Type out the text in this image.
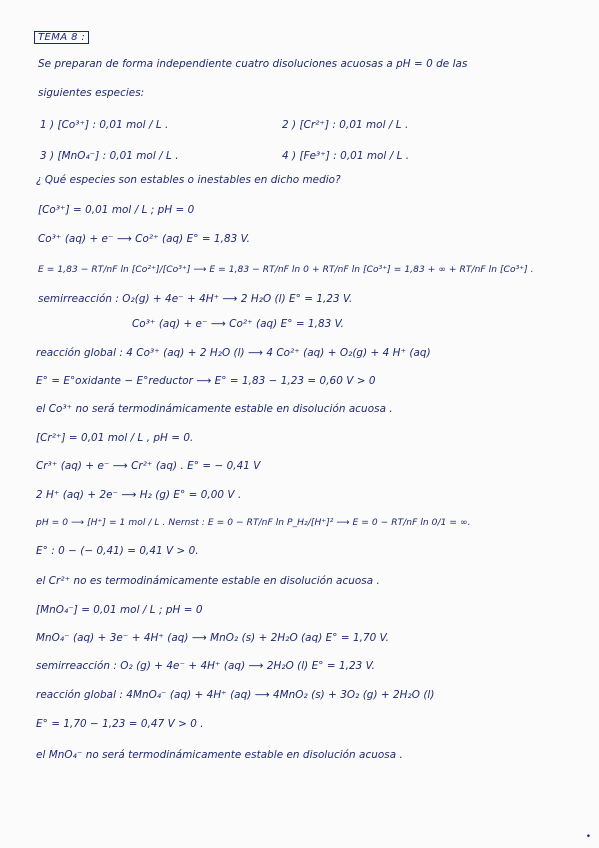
TEMA 8 :
Se preparan de forma independiente cuatro disoluciones acuosas a pH = 0 de las
siguientes especies:
1 ) [Co³⁺] : 0,01 mol / L .	2 ) [Cr²⁺] : 0,01 mol / L .
3 ) [MnO₄⁻] : 0,01 mol / L .	4 ) [Fe³⁺] : 0,01 mol / L .
¿ Qué especies son estables o inestables en dicho medio?
[Co³⁺] = 0,01 mol / L ; pH = 0
Co³⁺ (aq) + e⁻ ⟶ Co²⁺ (aq) E° = 1,83 V.
E = 1,83 − RT/nF ln [Co²⁺]/[Co³⁺] ⟶ E = 1,83 − RT/nF ln 0 + RT/nF ln [Co³⁺] = 1,83 + ∞ + RT/nF ln [Co³⁺] .
semirreacción : O₂(g) + 4e⁻ + 4H⁺ ⟶ 2 H₂O (l) E° = 1,23 V.
Co³⁺ (aq) + e⁻ ⟶ Co²⁺ (aq) E° = 1,83 V.
reacción global : 4 Co³⁺ (aq) + 2 H₂O (l) ⟶ 4 Co²⁺ (aq) + O₂(g) + 4 H⁺ (aq)
E° = E°oxidante − E°reductor ⟶ E° = 1,83 − 1,23 = 0,60 V > 0
el Co³⁺ no será termodinámicamente estable en disolución acuosa .
[Cr²⁺] = 0,01 mol / L , pH = 0.
Cr³⁺ (aq) + e⁻ ⟶ Cr²⁺ (aq) . E° = − 0,41 V
2 H⁺ (aq) + 2e⁻ ⟶ H₂ (g) E° = 0,00 V .
pH = 0 ⟶ [H⁺] = 1 mol / L . Nernst : E = 0 − RT/nF ln P_H₂/[H⁺]² ⟶ E = 0 − RT/nF ln 0/1 = ∞.
E° : 0 − (− 0,41) = 0,41 V > 0.
el Cr²⁺ no es termodinámicamente estable en disolución acuosa .
[MnO₄⁻] = 0,01 mol / L ; pH = 0
MnO₄⁻ (aq) + 3e⁻ + 4H⁺ (aq) ⟶ MnO₂ (s) + 2H₂O (aq) E° = 1,70 V.
semirreacción : O₂ (g) + 4e⁻ + 4H⁺ (aq) ⟶ 2H₂O (l) E° = 1,23 V.
reacción global : 4MnO₄⁻ (aq) + 4H⁺ (aq) ⟶ 4MnO₂ (s) + 3O₂ (g) + 2H₂O (l)
E° = 1,70 − 1,23 = 0,47 V > 0 .
el MnO₄⁻ no será termodinámicamente estable en disolución acuosa .
•
